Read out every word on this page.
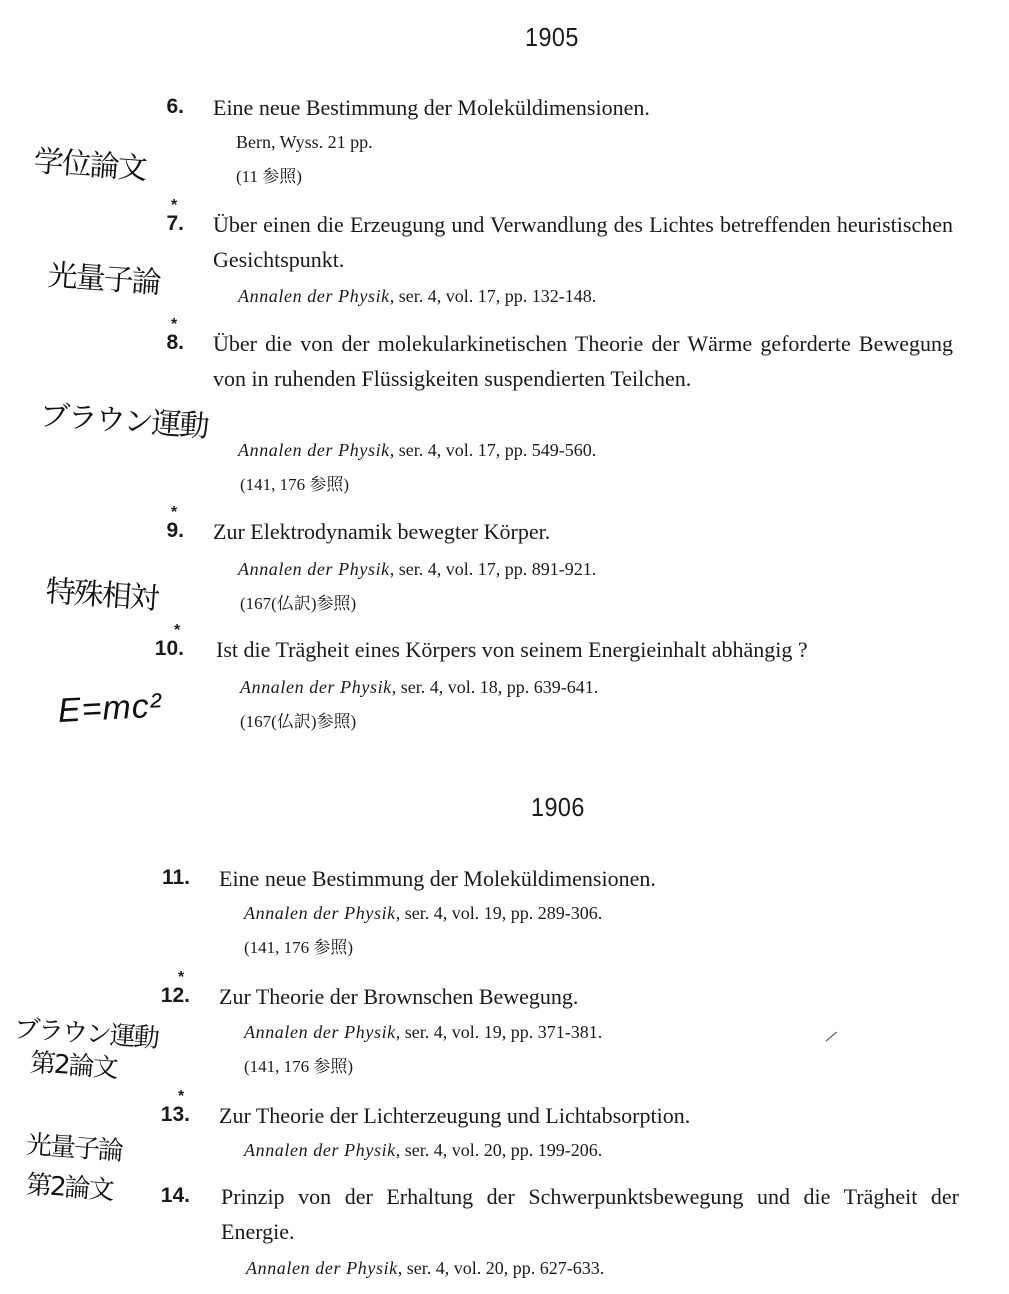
1905
1906
6. Eine neue Bestimmung der Moleküldimensionen.
Bern, Wyss. 21 pp.
(11 参照)
学位論文
*
7. Über einen die Erzeugung und Verwandlung des Lichtes betreffenden heuristischen Gesichtspunkt.
Annalen der Physik, ser. 4, vol. 17, pp. 132-148.
光量子論
*
8. Über die von der molekularkinetischen Theorie der Wärme geforderte Bewegung von in ruhenden Flüssigkeiten suspendierten Teilchen.
Annalen der Physik, ser. 4, vol. 17, pp. 549-560.
(141, 176 参照)
ブラウン運動
*
9. Zur Elektrodynamik bewegter Körper.
Annalen der Physik, ser. 4, vol. 17, pp. 891-921.
(167(仏訳)参照)
特殊相対
*
10. Ist die Trägheit eines Körpers von seinem Energieinhalt abhängig ?
Annalen der Physik, ser. 4, vol. 18, pp. 639-641.
(167(仏訳)参照)
E=mc²
11. Eine neue Bestimmung der Moleküldimensionen.
Annalen der Physik, ser. 4, vol. 19, pp. 289-306.
(141, 176 参照)
*
12. Zur Theorie der Brownschen Bewegung.
Annalen der Physik, ser. 4, vol. 19, pp. 371-381.
(141, 176 参照)
ブラウン運動
第2論文
/
*
13. Zur Theorie der Lichterzeugung und Lichtabsorption.
Annalen der Physik, ser. 4, vol. 20, pp. 199-206.
光量子論
第2論文	14. Prinzip von der Erhaltung der Schwerpunktsbewegung und die Trägheit der Energie.
Annalen der Physik, ser. 4, vol. 20, pp. 627-633.
